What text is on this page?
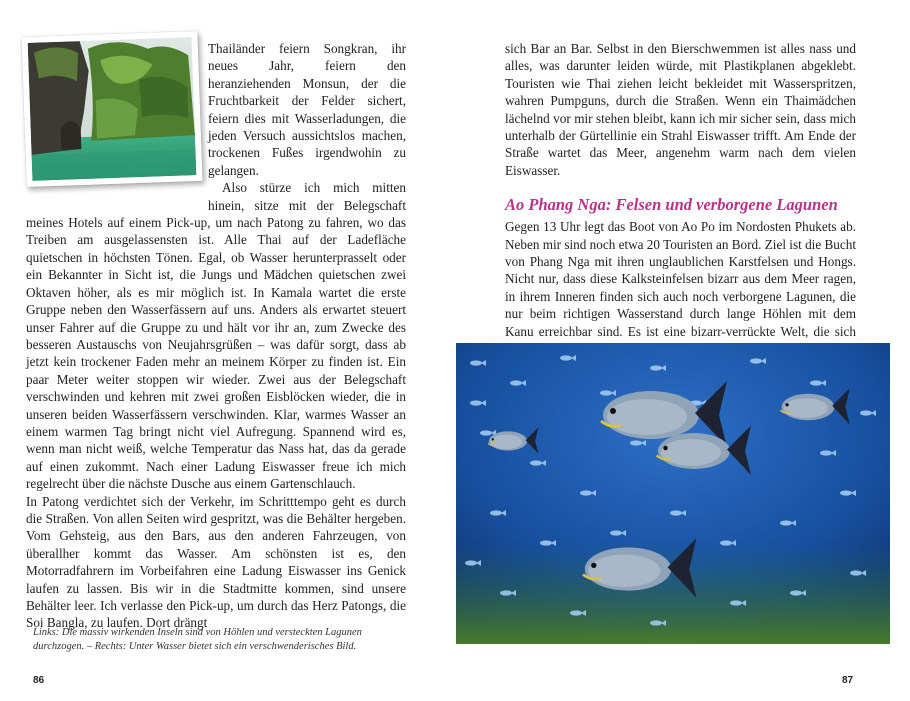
Thailänder feiern Songkran, ihr neues Jahr, feiern den heranziehenden Monsun, der die Fruchtbarkeit der Felder sichert, feiern dies mit Wasserladungen, die jeden Versuch aussichtslos machen, trockenen Fußes irgendwohin zu gelangen.

Also stürze ich mich mitten hinein, sitze mit der Belegschaft meines Hotels auf einem Pick-up, um nach Patong zu fahren, wo das Treiben am ausgelassensten ist. Alle Thai auf der Ladefläche quietschen in höchsten Tönen. Egal, ob Wasser herunterprasselt oder ein Bekannter in Sicht ist, die Jungs und Mädchen quietschen zwei Oktaven höher, als es mir möglich ist. In Kamala wartet die erste Gruppe neben den Wasserfässern auf uns. Anders als erwartet steuert unser Fahrer auf die Gruppe zu und hält vor ihr an, zum Zwecke des besseren Austauschs von Neujahrsgrüßen – was dafür sorgt, dass ab jetzt kein trockener Faden mehr an meinem Körper zu finden ist. Ein paar Meter weiter stoppen wir wieder. Zwei aus der Belegschaft verschwinden und kehren mit zwei großen Eisblöcken wieder, die in unseren beiden Wasserfässern verschwinden. Klar, warmes Wasser an einem warmen Tag bringt nicht viel Aufregung. Spannend wird es, wenn man nicht weiß, welche Temperatur das Nass hat, das da gerade auf einen zukommt. Nach einer Ladung Eiswasser freue ich mich regelrecht über die nächste Dusche aus einem Gartenschlauch.

In Patong verdichtet sich der Verkehr, im Schritttempo geht es durch die Straßen. Von allen Seiten wird gespritzt, was die Behälter hergeben. Vom Gehsteig, aus den Bars, aus den anderen Fahrzeugen, von überallher kommt das Wasser. Am schönsten ist es, den Motorradfahrern im Vorbeifahren eine Ladung Eiswasser ins Genick laufen zu lassen. Bis wir in die Stadtmitte kommen, sind unsere Behälter leer. Ich verlasse den Pick-up, um durch das Herz Patongs, die Soi Bangla, zu laufen. Dort drängt

Links: Die massiv wirkenden Inseln sind von Höhlen und versteckten Lagunen durchzogen. – Rechts: Unter Wasser bietet sich ein verschwenderisches Bild.

sich Bar an Bar. Selbst in den Bierschwemmen ist alles nass und alles, was darunter leiden würde, mit Plastikplanen abgeklebt. Touristen wie Thai ziehen leicht bekleidet mit Wasserspritzen, wahren Pumpguns, durch die Straßen. Wenn ein Thaimädchen lächelnd vor mir stehen bleibt, kann ich mir sicher sein, dass mich unterhalb der Gürtellinie ein Strahl Eiswasser trifft. Am Ende der Straße wartet das Meer, angenehm warm nach dem vielen Eiswasser.

Ao Phang Nga: Felsen und verborgene Lagunen

Gegen 13 Uhr legt das Boot von Ao Po im Nordosten Phukets ab. Neben mir sind noch etwa 20 Touristen an Bord. Ziel ist die Bucht von Phang Nga mit ihren unglaublichen Karstfelsen und Hongs. Nicht nur, dass diese Kalksteinfelsen bizarr aus dem Meer ragen, in ihrem Inneren finden sich auch noch verborgene Lagunen, die nur beim richtigen Wasserstand durch lange Höhlen mit dem Kanu erreichbar sind. Es ist eine bizarr-verrückte Welt, die sich

86	87
